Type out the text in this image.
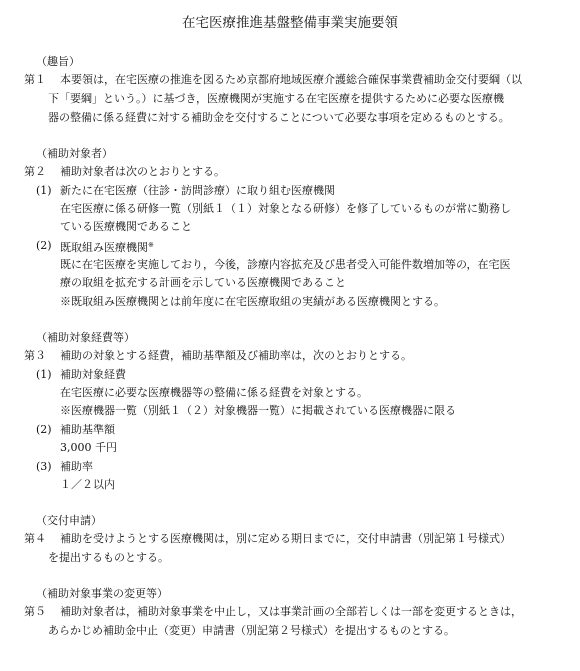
在宅医療推進基盤整備事業実施要領
（趣旨）
第１ 本要領は，在宅医療の推進を図るため京都府地域医療介護総合確保事業費補助金交付要綱（以
下「要綱」という。）に基づき，医療機関が実施する在宅医療を提供するために必要な医療機
器の整備に係る経費に対する補助金を交付することについて必要な事項を定めるものとする。
（補助対象者）
第２ 補助対象者は次のとおりとする。
(1) 新たに在宅医療（往診・訪問診療）に取り組む医療機関
在宅医療に係る研修一覧（別紙１（１）対象となる研修）を修了しているものが常に勤務し
ている医療機関であること
(2) 既取組み医療機関※
既に在宅医療を実施しており，今後，診療内容拡充及び患者受入可能件数増加等の，在宅医
療の取組を拡充する計画を示している医療機関であること
※既取組み医療機関とは前年度に在宅医療取組の実績がある医療機関とする。
（補助対象経費等）
第３ 補助の対象とする経費，補助基準額及び補助率は，次のとおりとする。
(1) 補助対象経費
在宅医療に必要な医療機器等の整備に係る経費を対象とする。
※医療機器一覧（別紙１（２）対象機器一覧）に掲載されている医療機器に限る
(2) 補助基準額
3,000 千円
(3) 補助率
１／２以内
（交付申請）
第４ 補助を受けようとする医療機関は，別に定める期日までに，交付申請書（別記第１号様式）
を提出するものとする。
（補助対象事業の変更等）
第５ 補助対象者は，補助対象事業を中止し，又は事業計画の全部若しくは一部を変更するときは，
あらかじめ補助金中止（変更）申請書（別記第２号様式）を提出するものとする。
